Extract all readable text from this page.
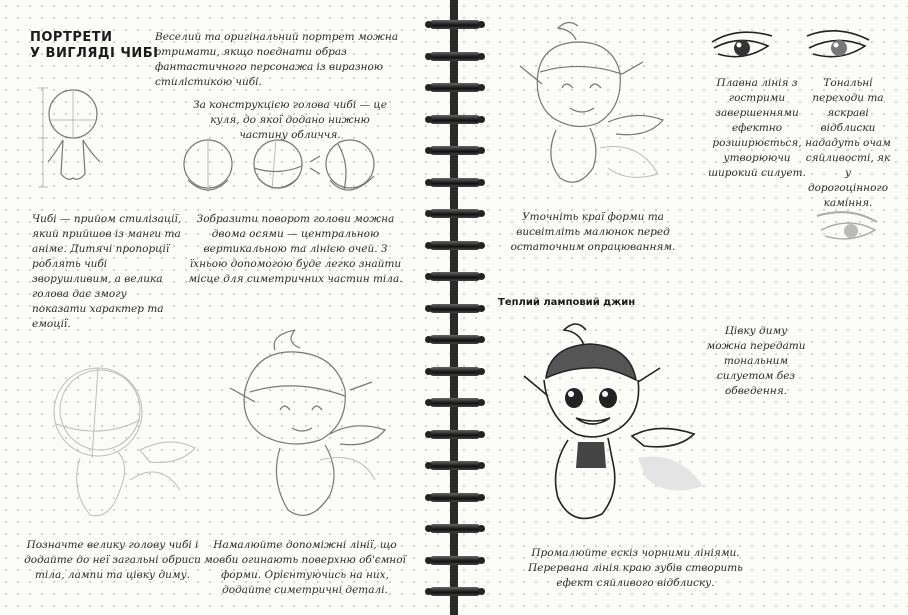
ПОРТРЕТИ
У ВИГЛЯДІ ЧИБІ
Веселий та оригінальний портрет можна отримати, якщо поєднати образ фантастичного персонажа із виразною стилістикою чибі.
За конструкцією голова чибі — це куля, до якої додано нижню частину обличчя.
Чибі — прийом стилізації, який прийшов із манги та аніме. Дитячі пропорції роблять чибі зворушливим, а велика голова дає змогу показати характер та емоції.
Зобразити поворот голови можна двома осями — центральною вертикальною та лінією очей. З їхньою допомогою буде легко знайти місце для симетричних частин тіла.
Позначте велику голову чибі і додайте до неї загальні обриси тіла, лампи та цівку диму.
Намалюйте допоміжні лінії, що мовби огинають поверхню об'ємної форми. Орієнтуючись на них, додайте симетричні деталі.
Уточніть краї форми та висвітліть малюнок перед остаточним опрацюванням.
Плавна лінія з гострими завершеннями ефектно розширюється, утворюючи широкий силует.
Тональні переходи та яскраві відблиски нададуть очам сяйливості, як у дорогоцінного каміння.
Теплий ламповий джин
Цівку диму можна передати тональним силуетом без обведення.
Промалюйте ескіз чорними лініями. Перервана лінія краю зубів створить ефект сяйливого відблиску.
